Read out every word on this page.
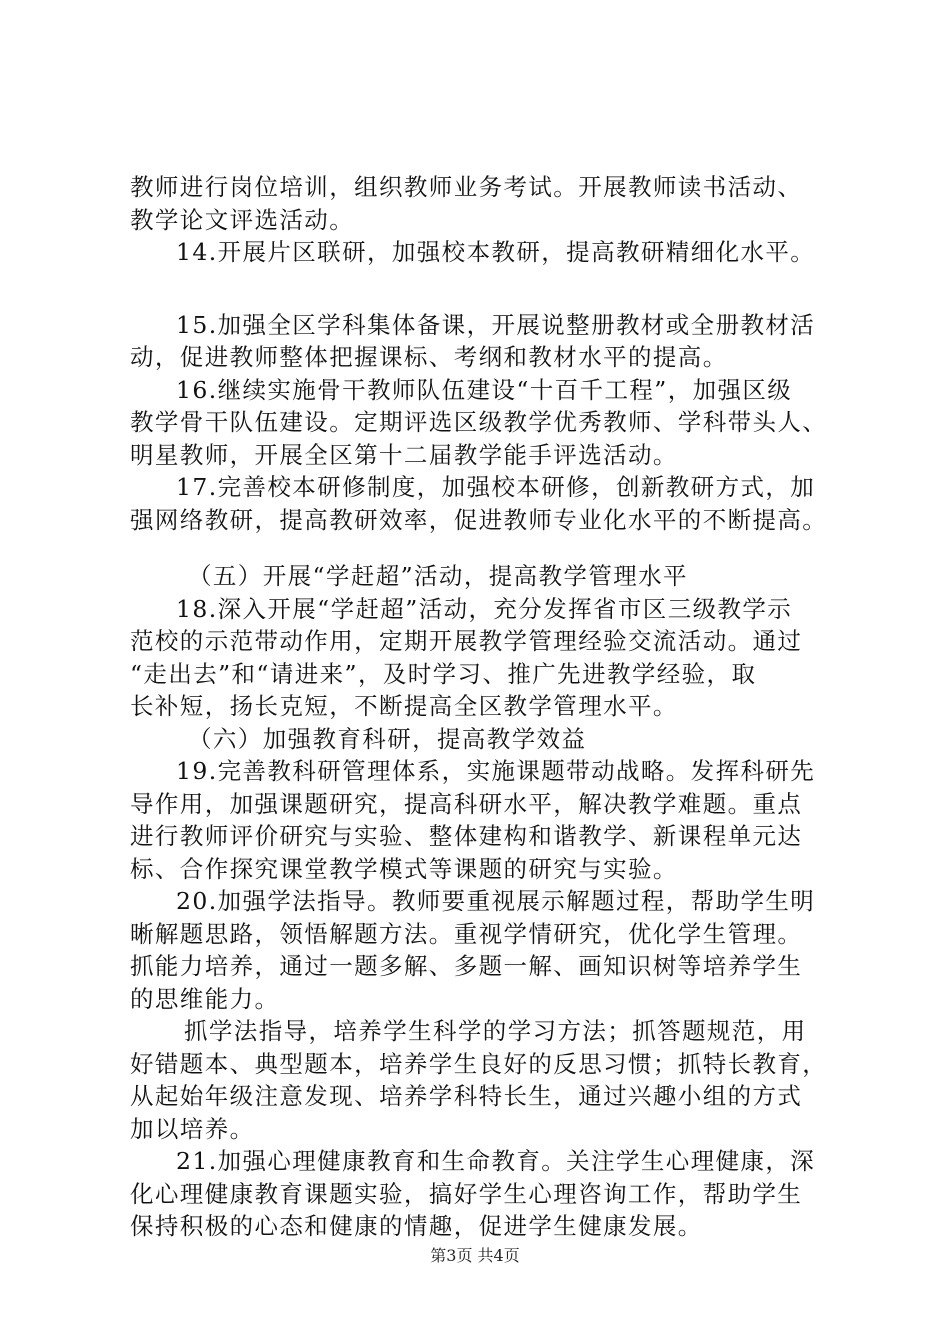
教师进行岗位培训，组织教师业务考试。开展教师读书活动、
教学论文评选活动。
14.开展片区联研，加强校本教研，提高教研精细化水平。
15.加强全区学科集体备课，开展说整册教材或全册教材活
动，促进教师整体把握课标、考纲和教材水平的提高。
16.继续实施骨干教师队伍建设“十百千工程”，加强区级
教学骨干队伍建设。定期评选区级教学优秀教师、学科带头人、
明星教师，开展全区第十二届教学能手评选活动。
17.完善校本研修制度，加强校本研修，创新教研方式，加
强网络教研，提高教研效率，促进教师专业化水平的不断提高。
（五）开展“学赶超”活动，提高教学管理水平
18.深入开展“学赶超”活动，充分发挥省市区三级教学示
范校的示范带动作用，定期开展教学管理经验交流活动。通过
“走出去”和“请进来”，及时学习、推广先进教学经验，取
长补短，扬长克短，不断提高全区教学管理水平。
（六）加强教育科研，提高教学效益
19.完善教科研管理体系，实施课题带动战略。发挥科研先
导作用，加强课题研究，提高科研水平，解决教学难题。重点
进行教师评价研究与实验、整体建构和谐教学、新课程单元达
标、合作探究课堂教学模式等课题的研究与实验。
20.加强学法指导。教师要重视展示解题过程，帮助学生明
晰解题思路，领悟解题方法。重视学情研究，优化学生管理。
抓能力培养，通过一题多解、多题一解、画知识树等培养学生
的思维能力。
抓学法指导，培养学生科学的学习方法；抓答题规范，用
好错题本、典型题本，培养学生良好的反思习惯；抓特长教育，
从起始年级注意发现、培养学科特长生，通过兴趣小组的方式
加以培养。
21.加强心理健康教育和生命教育。关注学生心理健康，深
化心理健康教育课题实验，搞好学生心理咨询工作，帮助学生
保持积极的心态和健康的情趣，促进学生健康发展。
第3页 共4页
